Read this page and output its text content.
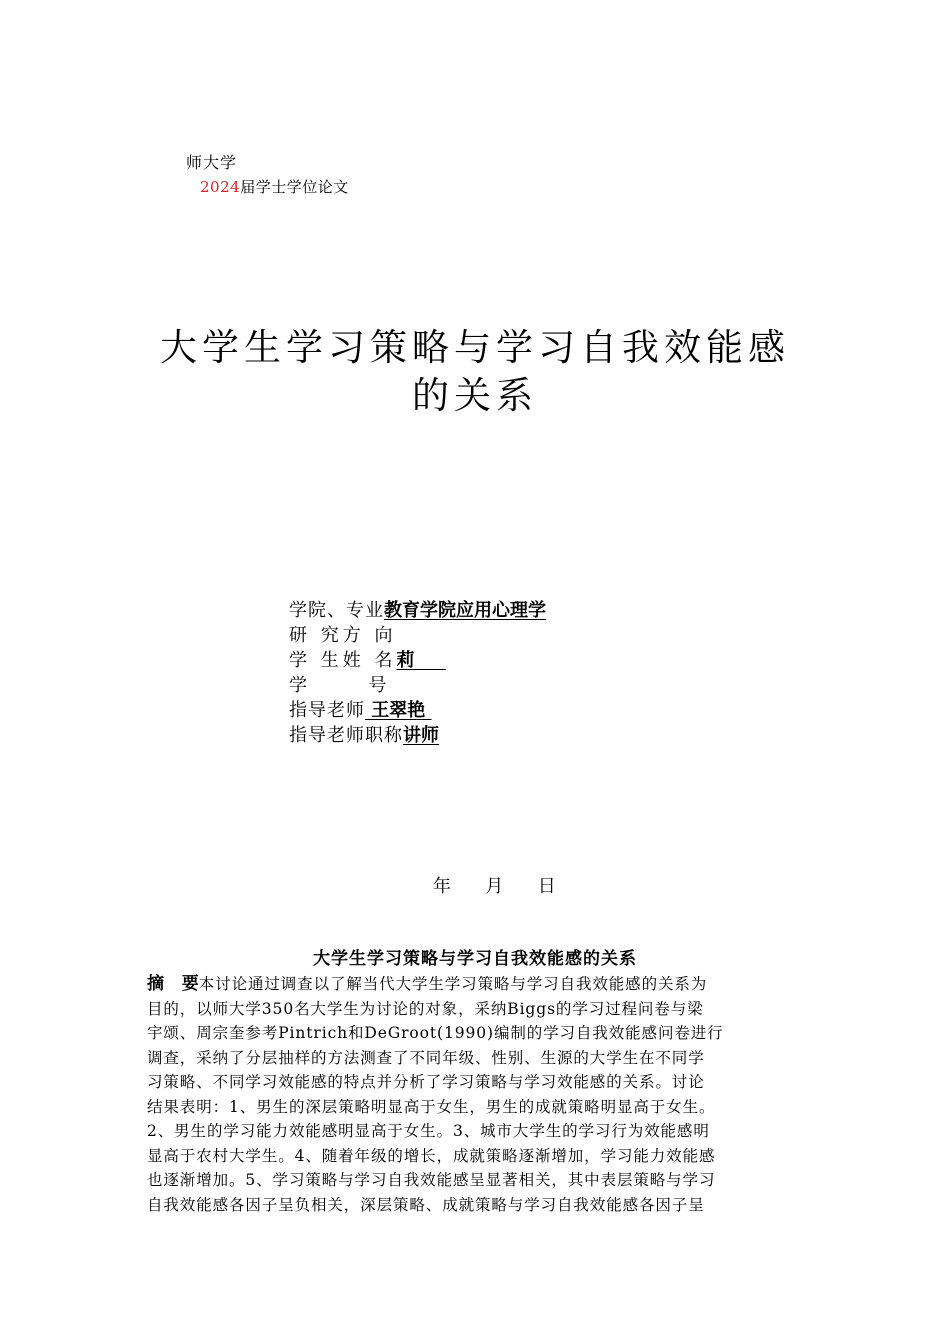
师大学
2024届学士学位论文
大学生学习策略与学习自我效能感
的关系
学院、专业教育学院应用心理学
研 究方 向
学 生姓 名莉
学         号
指导老师 王翠艳
指导老师职称讲师
年 月 日
大学生学习策略与学习自我效能感的关系
摘   要本讨论通过调查以了解当代大学生学习策略与学习自我效能感的关系为
目的，以师大学350名大学生为讨论的对象，采纳Biggs的学习过程问卷与梁
宇颂、周宗奎参考Pintrich和DeGroot(1990)编制的学习自我效能感问卷进行
调查，采纳了分层抽样的方法测查了不同年级、性别、生源的大学生在不同学
习策略、不同学习效能感的特点并分析了学习策略与学习效能感的关系。讨论
结果表明：1、男生的深层策略明显高于女生，男生的成就策略明显高于女生。
2、男生的学习能力效能感明显高于女生。3、城市大学生的学习行为效能感明
显高于农村大学生。4、随着年级的增长，成就策略逐渐增加，学习能力效能感
也逐渐增加。5、学习策略与学习自我效能感呈显著相关，其中表层策略与学习
自我效能感各因子呈负相关，深层策略、成就策略与学习自我效能感各因子呈
